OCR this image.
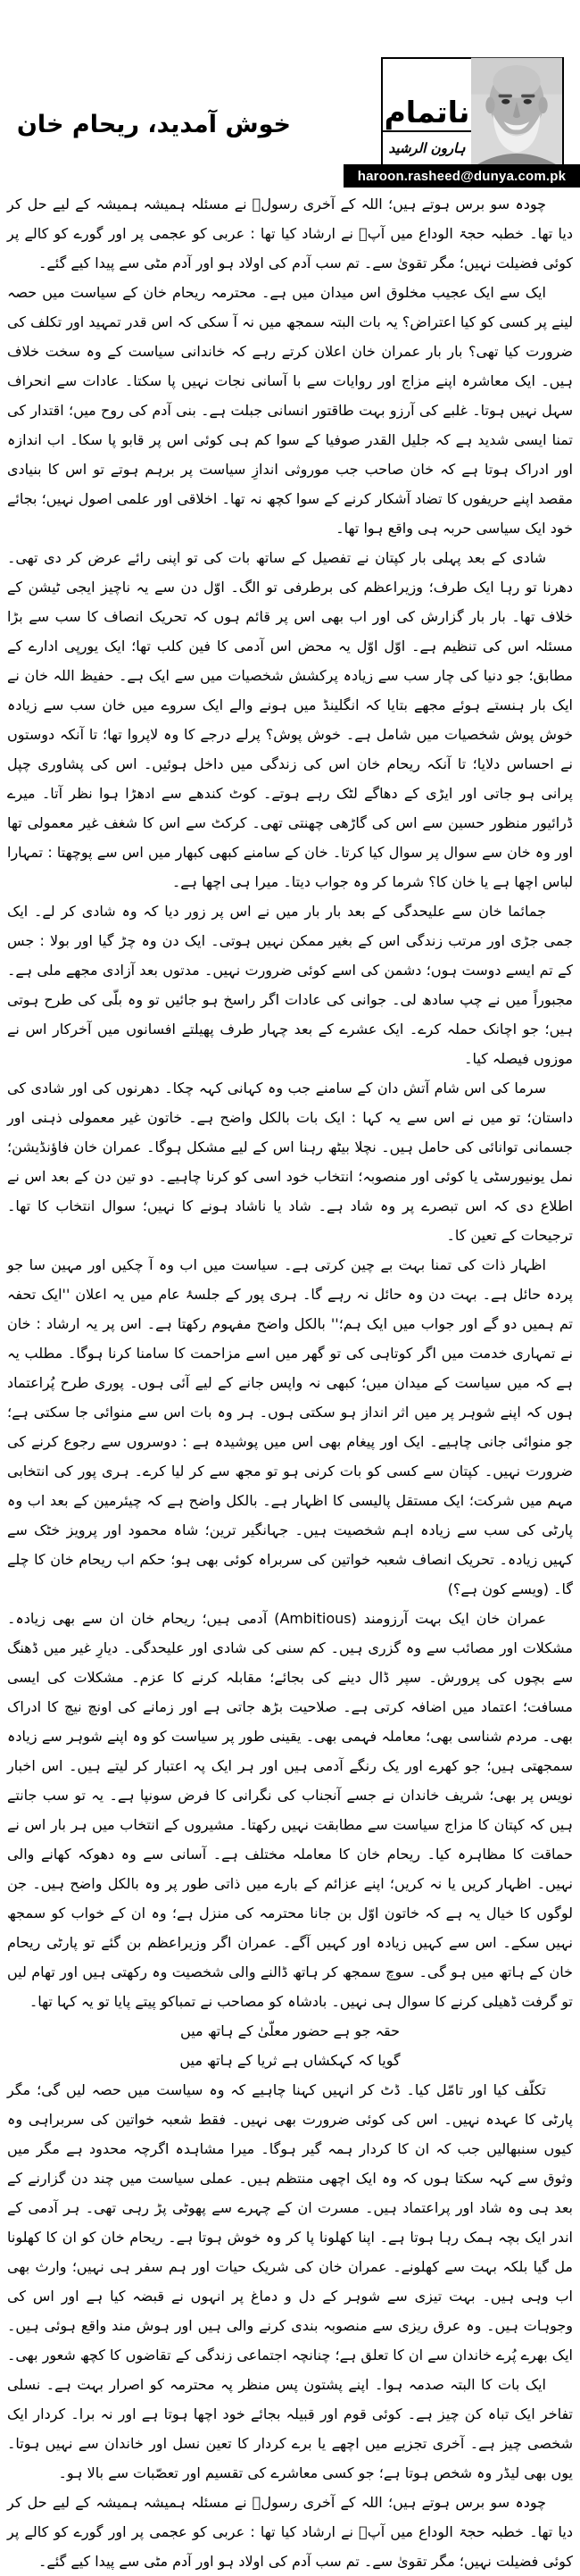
خوش آمدید، ریحام خان	ناتمام
ہارون الرشید
haroon.rasheed@dunya.com.pk

چودہ سو برس ہوتے ہیں؛ اللہ کے آخری رسولؐ نے مسئلہ ہمیشہ ہمیشہ کے لیے حل کر دیا تھا۔ خطبہ حجۃ الوداع میں آپؐ نے ارشاد کیا تھا : عربی کو عجمی پر اور گورے کو کالے پر کوئی فضیلت نہیں؛ مگر تقویٰ سے۔ تم سب آدم کی اولاد ہو اور آدم مٹی سے پیدا کیے گئے۔

ایک سے ایک عجیب مخلوق اس میدان میں ہے۔ محترمہ ریحام خان کے سیاست میں حصہ لینے پر کسی کو کیا اعتراض؟ یہ بات البتہ سمجھ میں نہ آ سکی کہ اس قدر تمہید اور تکلف کی ضرورت کیا تھی؟ بار بار عمران خان اعلان کرتے رہے کہ خاندانی سیاست کے وہ سخت خلاف ہیں۔ ایک معاشرہ اپنے مزاج اور روایات سے با آسانی نجات نہیں پا سکتا۔ عادات سے انحراف سہل نہیں ہوتا۔ غلبے کی آرزو بہت طاقتور انسانی جبلت ہے۔ بنی آدم کی روح میں؛ اقتدار کی تمنا ایسی شدید ہے کہ جلیل القدر صوفیا کے سوا کم ہی کوئی اس پر قابو پا سکا۔ اب اندازہ اور ادراک ہوتا ہے کہ خان صاحب جب موروثی اندازِ سیاست پر برہم ہوتے تو اس کا بنیادی مقصد اپنے حریفوں کا تضاد آشکار کرنے کے سوا کچھ نہ تھا۔ اخلاقی اور علمی اصول نہیں؛ بجائے خود ایک سیاسی حربہ ہی واقع ہوا تھا۔

شادی کے بعد پہلی بار کپتان نے تفصیل کے ساتھ بات کی تو اپنی رائے عرض کر دی تھی۔ دھرنا تو رہا ایک طرف؛ وزیراعظم کی برطرفی تو الگ۔ اوّل دن سے یہ ناچیز ایجی ٹیشن کے خلاف تھا۔ بار بار گزارش کی اور اب بھی اس پر قائم ہوں کہ تحریک انصاف کا سب سے بڑا مسئلہ اس کی تنظیم ہے۔ اوّل اوّل یہ محض اس آدمی کا فین کلب تھا؛ ایک یورپی ادارے کے مطابق؛ جو دنیا کی چار سب سے زیادہ پرکشش شخصیات میں سے ایک ہے۔ حفیظ اللہ خان نے ایک بار ہنستے ہوئے مجھے بتایا کہ انگلینڈ میں ہونے والے ایک سروے میں خان سب سے زیادہ خوش پوش شخصیات میں شامل ہے۔ خوش پوش؟ پرلے درجے کا وہ لاپروا تھا؛ تا آنکہ دوستوں نے احساس دلایا؛ تا آنکہ ریحام خان اس کی زندگی میں داخل ہوئیں۔ اس کی پشاوری چپل پرانی ہو جاتی اور ایڑی کے دھاگے لٹک رہے ہوتے۔ کوٹ کندھے سے ادھڑا ہوا نظر آتا۔ میرے ڈرائیور منظور حسین سے اس کی گاڑھی چھنتی تھی۔ کرکٹ سے اس کا شغف غیر معمولی تھا اور وہ خان سے سوال پر سوال کیا کرتا۔ خان کے سامنے کبھی کبھار میں اس سے پوچھتا : تمہارا لباس اچھا ہے یا خان کا؟ شرما کر وہ جواب دیتا۔ میرا ہی اچھا ہے۔

جمائما خان سے علیحدگی کے بعد بار بار میں نے اس پر زور دیا کہ وہ شادی کر لے۔ ایک جمی جڑی اور مرتب زندگی اس کے بغیر ممکن نہیں ہوتی۔ ایک دن وہ چڑ گیا اور بولا : جس کے تم ایسے دوست ہوں؛ دشمن کی اسے کوئی ضرورت نہیں۔ مدتوں بعد آزادی مجھے ملی ہے۔ مجبوراً میں نے چپ سادھ لی۔ جوانی کی عادات اگر راسخ ہو جائیں تو وہ بلّی کی طرح ہوتی ہیں؛ جو اچانک حملہ کرے۔ ایک عشرے کے بعد چہار طرف پھیلتے افسانوں میں آخرکار اس نے موزوں فیصلہ کیا۔

سرما کی اس شام آتش دان کے سامنے جب وہ کہانی کہہ چکا۔ دھرنوں کی اور شادی کی داستان؛ تو میں نے اس سے یہ کہا : ایک بات بالکل واضح ہے۔ خاتون غیر معمولی ذہنی اور جسمانی توانائی کی حامل ہیں۔ نچلا بیٹھ رہنا اس کے لیے مشکل ہوگا۔ عمران خان فاؤنڈیشن؛ نمل یونیورسٹی یا کوئی اور منصوبہ؛ انتخاب خود اسی کو کرنا چاہیے۔ دو تین دن کے بعد اس نے اطلاع دی کہ اس تبصرے پر وہ شاد ہے۔ شاد یا ناشاد ہونے کا نہیں؛ سوال انتخاب کا تھا۔ ترجیحات کے تعین کا۔

اظہار ذات کی تمنا بہت بے چین کرتی ہے۔ سیاست میں اب وہ آ چکیں اور مہین سا جو پردہ حائل ہے۔ بہت دن وہ حائل نہ رہے گا۔ ہری پور کے جلسۂ عام میں یہ اعلان ''ایک تحفہ تم ہمیں دو گے اور جواب میں ایک ہم؛'' بالکل واضح مفہوم رکھتا ہے۔ اس پر یہ ارشاد : خان نے تمہاری خدمت میں اگر کوتاہی کی تو گھر میں اسے مزاحمت کا سامنا کرنا ہوگا۔ مطلب یہ ہے کہ میں سیاست کے میدان میں؛ کبھی نہ واپس جانے کے لیے آئی ہوں۔ پوری طرح پُراعتماد ہوں کہ اپنے شوہر پر میں اثر انداز ہو سکتی ہوں۔ ہر وہ بات اس سے منوائی جا سکتی ہے؛ جو منوائی جانی چاہیے۔ ایک اور پیغام بھی اس میں پوشیدہ ہے : دوسروں سے رجوع کرنے کی ضرورت نہیں۔ کپتان سے کسی کو بات کرنی ہو تو مجھ سے کر لیا کرے۔ ہری پور کی انتخابی مہم میں شرکت؛ ایک مستقل پالیسی کا اظہار ہے۔ بالکل واضح ہے کہ چیئرمین کے بعد اب وہ پارٹی کی سب سے زیادہ اہم شخصیت ہیں۔ جہانگیر ترین؛ شاہ محمود اور پرویز خٹک سے کہیں زیادہ۔ تحریک انصاف شعبہ خواتین کی سربراہ کوئی بھی ہو؛ حکم اب ریحام خان کا چلے گا۔ (ویسے کون ہے؟)

عمران خان ایک بہت آرزومند (Ambitious) آدمی ہیں؛ ریحام خان ان سے بھی زیادہ۔ مشکلات اور مصائب سے وہ گزری ہیں۔ کم سنی کی شادی اور علیحدگی۔ دیارِ غیر میں ڈھنگ سے بچوں کی پرورش۔ سپر ڈال دینے کی بجائے؛ مقابلہ کرنے کا عزم۔ مشکلات کی ایسی مسافت؛ اعتماد میں اضافہ کرتی ہے۔ صلاحیت بڑھ جاتی ہے اور زمانے کی اونچ نیچ کا ادراک بھی۔ مردم شناسی بھی؛ معاملہ فہمی بھی۔ یقینی طور پر سیاست کو وہ اپنے شوہر سے زیادہ سمجھتی ہیں؛ جو کھرے اور یک رنگے آدمی ہیں اور ہر ایک پہ اعتبار کر لیتے ہیں۔ اس اخبار نویس پر بھی؛ شریف خاندان نے جسے آنجناب کی نگرانی کا فرض سونپا ہے۔ یہ تو سب جانتے ہیں کہ کپتان کا مزاج سیاست سے مطابقت نہیں رکھتا۔ مشیروں کے انتخاب میں ہر بار اس نے حماقت کا مظاہرہ کیا۔ ریحام خان کا معاملہ مختلف ہے۔ آسانی سے وہ دھوکہ کھانے والی نہیں۔ اظہار کریں یا نہ کریں؛ اپنے عزائم کے بارے میں ذاتی طور پر وہ بالکل واضح ہیں۔ جن لوگوں کا خیال یہ ہے کہ خاتون اوّل بن جانا محترمہ کی منزل ہے؛ وہ ان کے خواب کو سمجھ نہیں سکے۔ اس سے کہیں زیادہ اور کہیں آگے۔ عمران اگر وزیراعظم بن گئے تو پارٹی ریحام خان کے ہاتھ میں ہو گی۔ سوچ سمجھ کر ہاتھ ڈالنے والی شخصیت وہ رکھتی ہیں اور تھام لیں تو گرفت ڈھیلی کرنے کا سوال ہی نہیں۔ بادشاہ کو مصاحب نے تمباکو پیتے پایا تو یہ کہا تھا۔

حقہ جو ہے حضور معلّیٰ کے ہاتھ میں
گویا کہ کہکشاں ہے ثریا کے ہاتھ میں

تکلّف کیا اور تامّل کیا۔ ڈٹ کر انہیں کہنا چاہیے کہ وہ سیاست میں حصہ لیں گی؛ مگر پارٹی کا عہدہ نہیں۔ اس کی کوئی ضرورت بھی نہیں۔ فقط شعبہ خواتین کی سربراہی وہ کیوں سنبھالیں جب کہ ان کا کردار ہمہ گیر ہوگا۔ میرا مشاہدہ اگرچہ محدود ہے مگر میں وثوق سے کہہ سکتا ہوں کہ وہ ایک اچھی منتظم ہیں۔ عملی سیاست میں چند دن گزارنے کے بعد ہی وہ شاد اور پراعتماد ہیں۔ مسرت ان کے چہرے سے پھوٹی پڑ رہی تھی۔ ہر آدمی کے اندر ایک بچہ ہمک رہا ہوتا ہے۔ اپنا کھلونا پا کر وہ خوش ہوتا ہے۔ ریحام خان کو ان کا کھلونا مل گیا بلکہ بہت سے کھلونے۔ عمران خان کی شریک حیات اور ہم سفر ہی نہیں؛ وارث بھی اب وہی ہیں۔ بہت تیزی سے شوہر کے دل و دماغ پر انہوں نے قبضہ کیا ہے اور اس کی وجوہات ہیں۔ وہ عرق ریزی سے منصوبہ بندی کرنے والی ہیں اور ہوش مند واقع ہوئی ہیں۔ ایک بھرے پُرے خاندان سے ان کا تعلق ہے؛ چنانچہ اجتماعی زندگی کے تقاضوں کا کچھ شعور بھی۔

ایک بات کا البتہ صدمہ ہوا۔ اپنے پشتون پس منظر پہ محترمہ کو اصرار بہت ہے۔ نسلی تفاخر ایک تباہ کن چیز ہے۔ کوئی قوم اور قبیلہ بجائے خود اچھا ہوتا ہے اور نہ برا۔ کردار ایک شخصی چیز ہے۔ آخری تجزیے میں اچھے یا برے کردار کا تعین نسل اور خاندان سے نہیں ہوتا۔ یوں بھی لیڈر وہ شخص ہوتا ہے؛ جو کسی معاشرے کی تقسیم اور تعصّبات سے بالا ہو۔

چودہ سو برس ہوتے ہیں؛ اللہ کے آخری رسولؐ نے مسئلہ ہمیشہ ہمیشہ کے لیے حل کر دیا تھا۔ خطبہ حجۃ الوداع میں آپؐ نے ارشاد کیا تھا : عربی کو عجمی پر اور گورے کو کالے پر کوئی فضیلت نہیں؛ مگر تقویٰ سے۔ تم سب آدم کی اولاد ہو اور آدم مٹی سے پیدا کیے گئے۔
